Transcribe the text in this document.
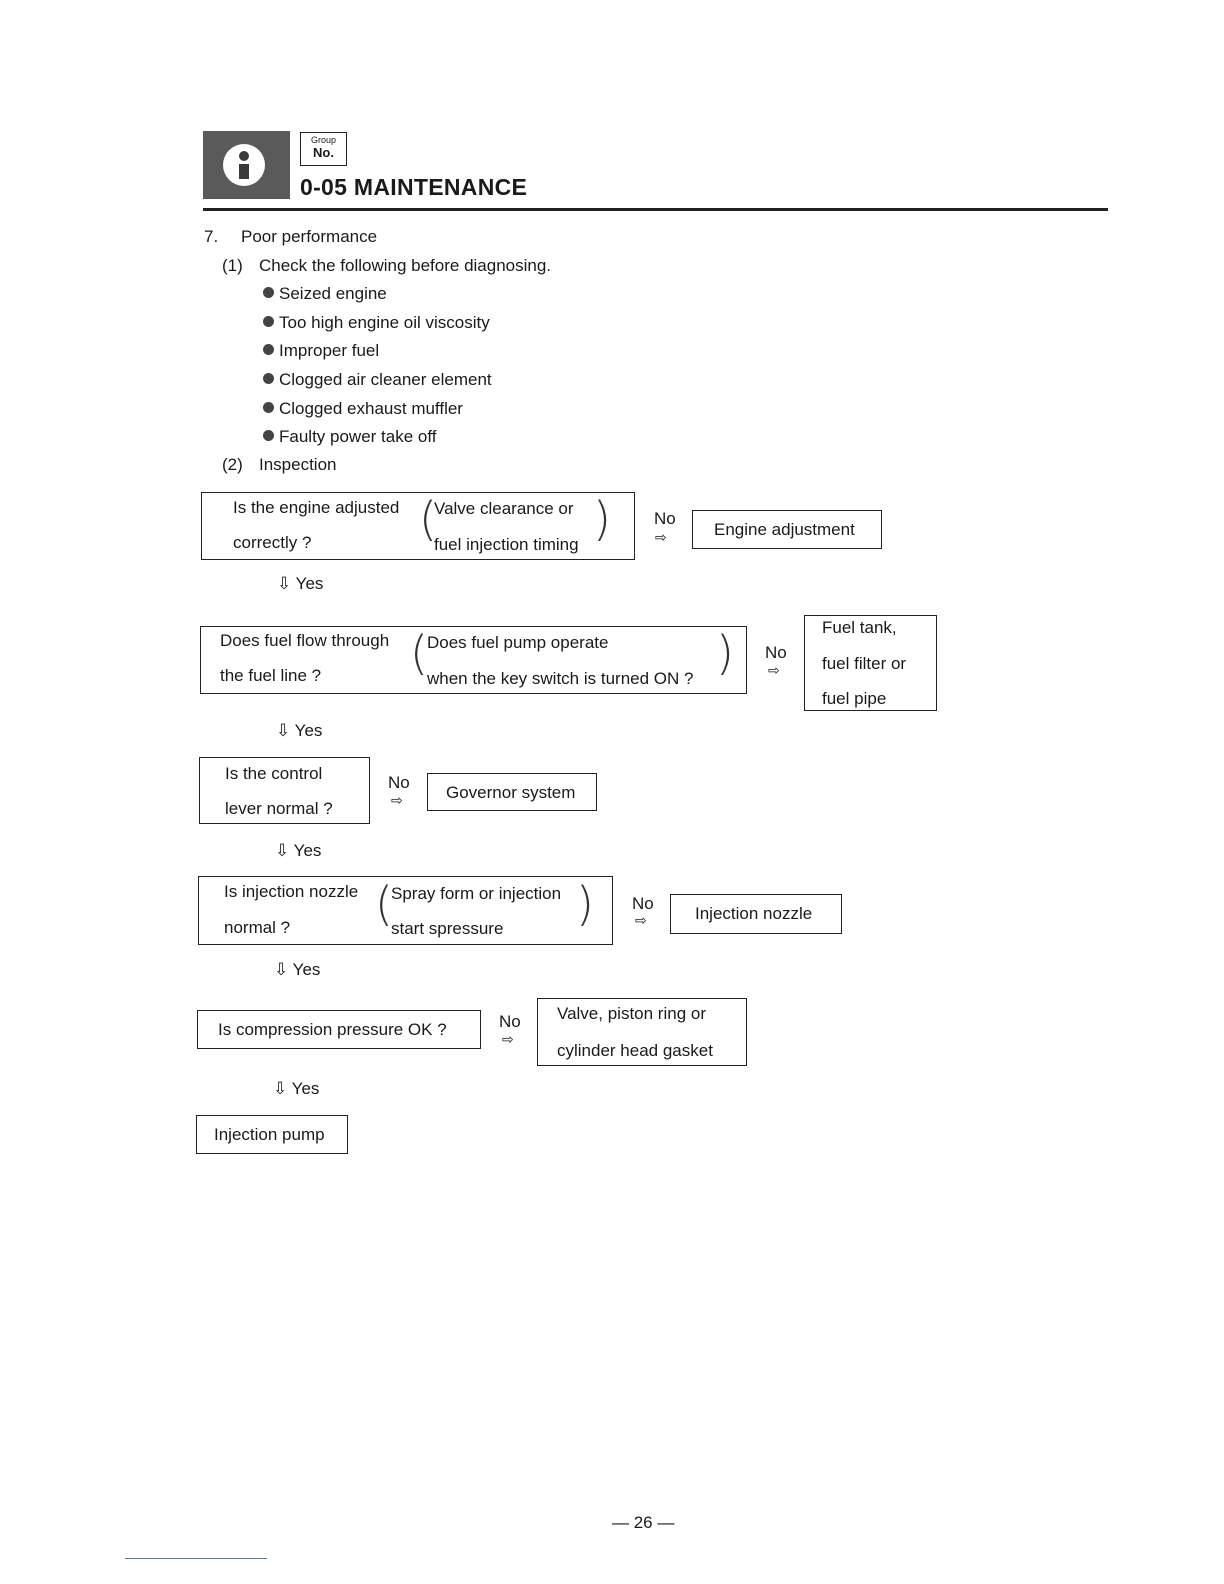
Group
No.
0-05 MAINTENANCE
7. Poor performance
(1) Check the following before diagnosing.
Seized engine
Too high engine oil viscosity
Improper fuel
Clogged air cleaner element
Clogged exhaust muffler
Faulty power take off
(2) Inspection
Is the engine adjusted
correctly ? (
Valve clearance or
fuel injection timing )	No
⇨	Engine adjustment
⇩ Yes
Does fuel flow through
the fuel line ? ( Does fuel pump operate
when the key switch is turned ON ? ) No
⇨
Fuel tank,
fuel filter or
fuel pipe
⇩ Yes
Is the control
lever normal ?
No
⇨	Governor system
⇩ Yes
Is injection nozzle
normal ? (
Spray form or injection
start spressure ) No
⇨	Injection nozzle
⇩ Yes
Is compression pressure OK ?	No
⇨
Valve, piston ring or
cylinder head gasket
⇩ Yes
Injection pump
— 26 —
